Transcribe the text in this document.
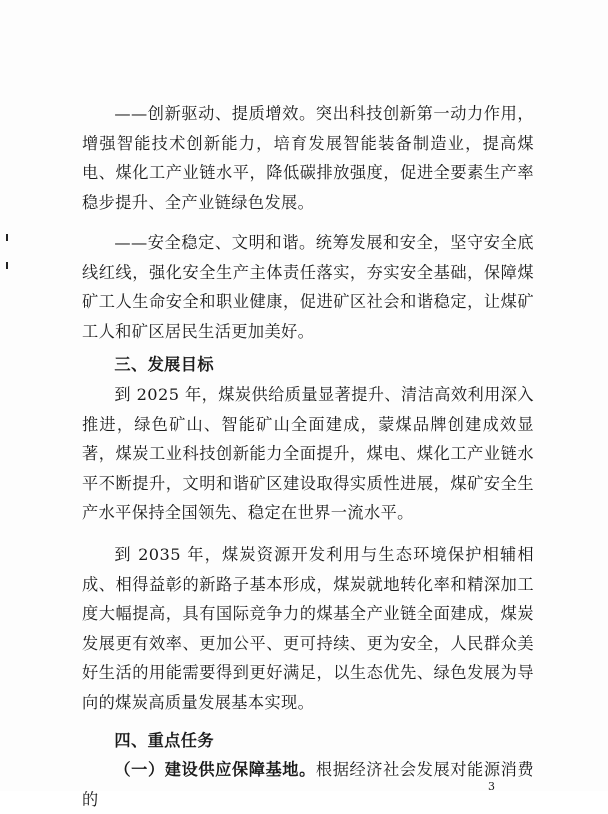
——创新驱动、提质增效。突出科技创新第一动力作用，增强智能技术创新能力，培育发展智能装备制造业，提高煤电、煤化工产业链水平，降低碳排放强度，促进全要素生产率稳步提升、全产业链绿色发展。

——安全稳定、文明和谐。统筹发展和安全，坚守安全底线红线，强化安全生产主体责任落实，夯实安全基础，保障煤矿工人生命安全和职业健康，促进矿区社会和谐稳定，让煤矿工人和矿区居民生活更加美好。

三、发展目标

到 2025 年，煤炭供给质量显著提升、清洁高效利用深入推进，绿色矿山、智能矿山全面建成，蒙煤品牌创建成效显著，煤炭工业科技创新能力全面提升，煤电、煤化工产业链水平不断提升，文明和谐矿区建设取得实质性进展，煤矿安全生产水平保持全国领先、稳定在世界一流水平。

到 2035 年，煤炭资源开发利用与生态环境保护相辅相成、相得益彰的新路子基本形成，煤炭就地转化率和精深加工度大幅提高，具有国际竞争力的煤基全产业链全面建成，煤炭发展更有效率、更加公平、更可持续、更为安全，人民群众美好生活的用能需要得到更好满足，以生态优先、绿色发展为导向的煤炭高质量发展基本实现。

四、重点任务

（一）建设供应保障基地。根据经济社会发展对能源消费的

3
